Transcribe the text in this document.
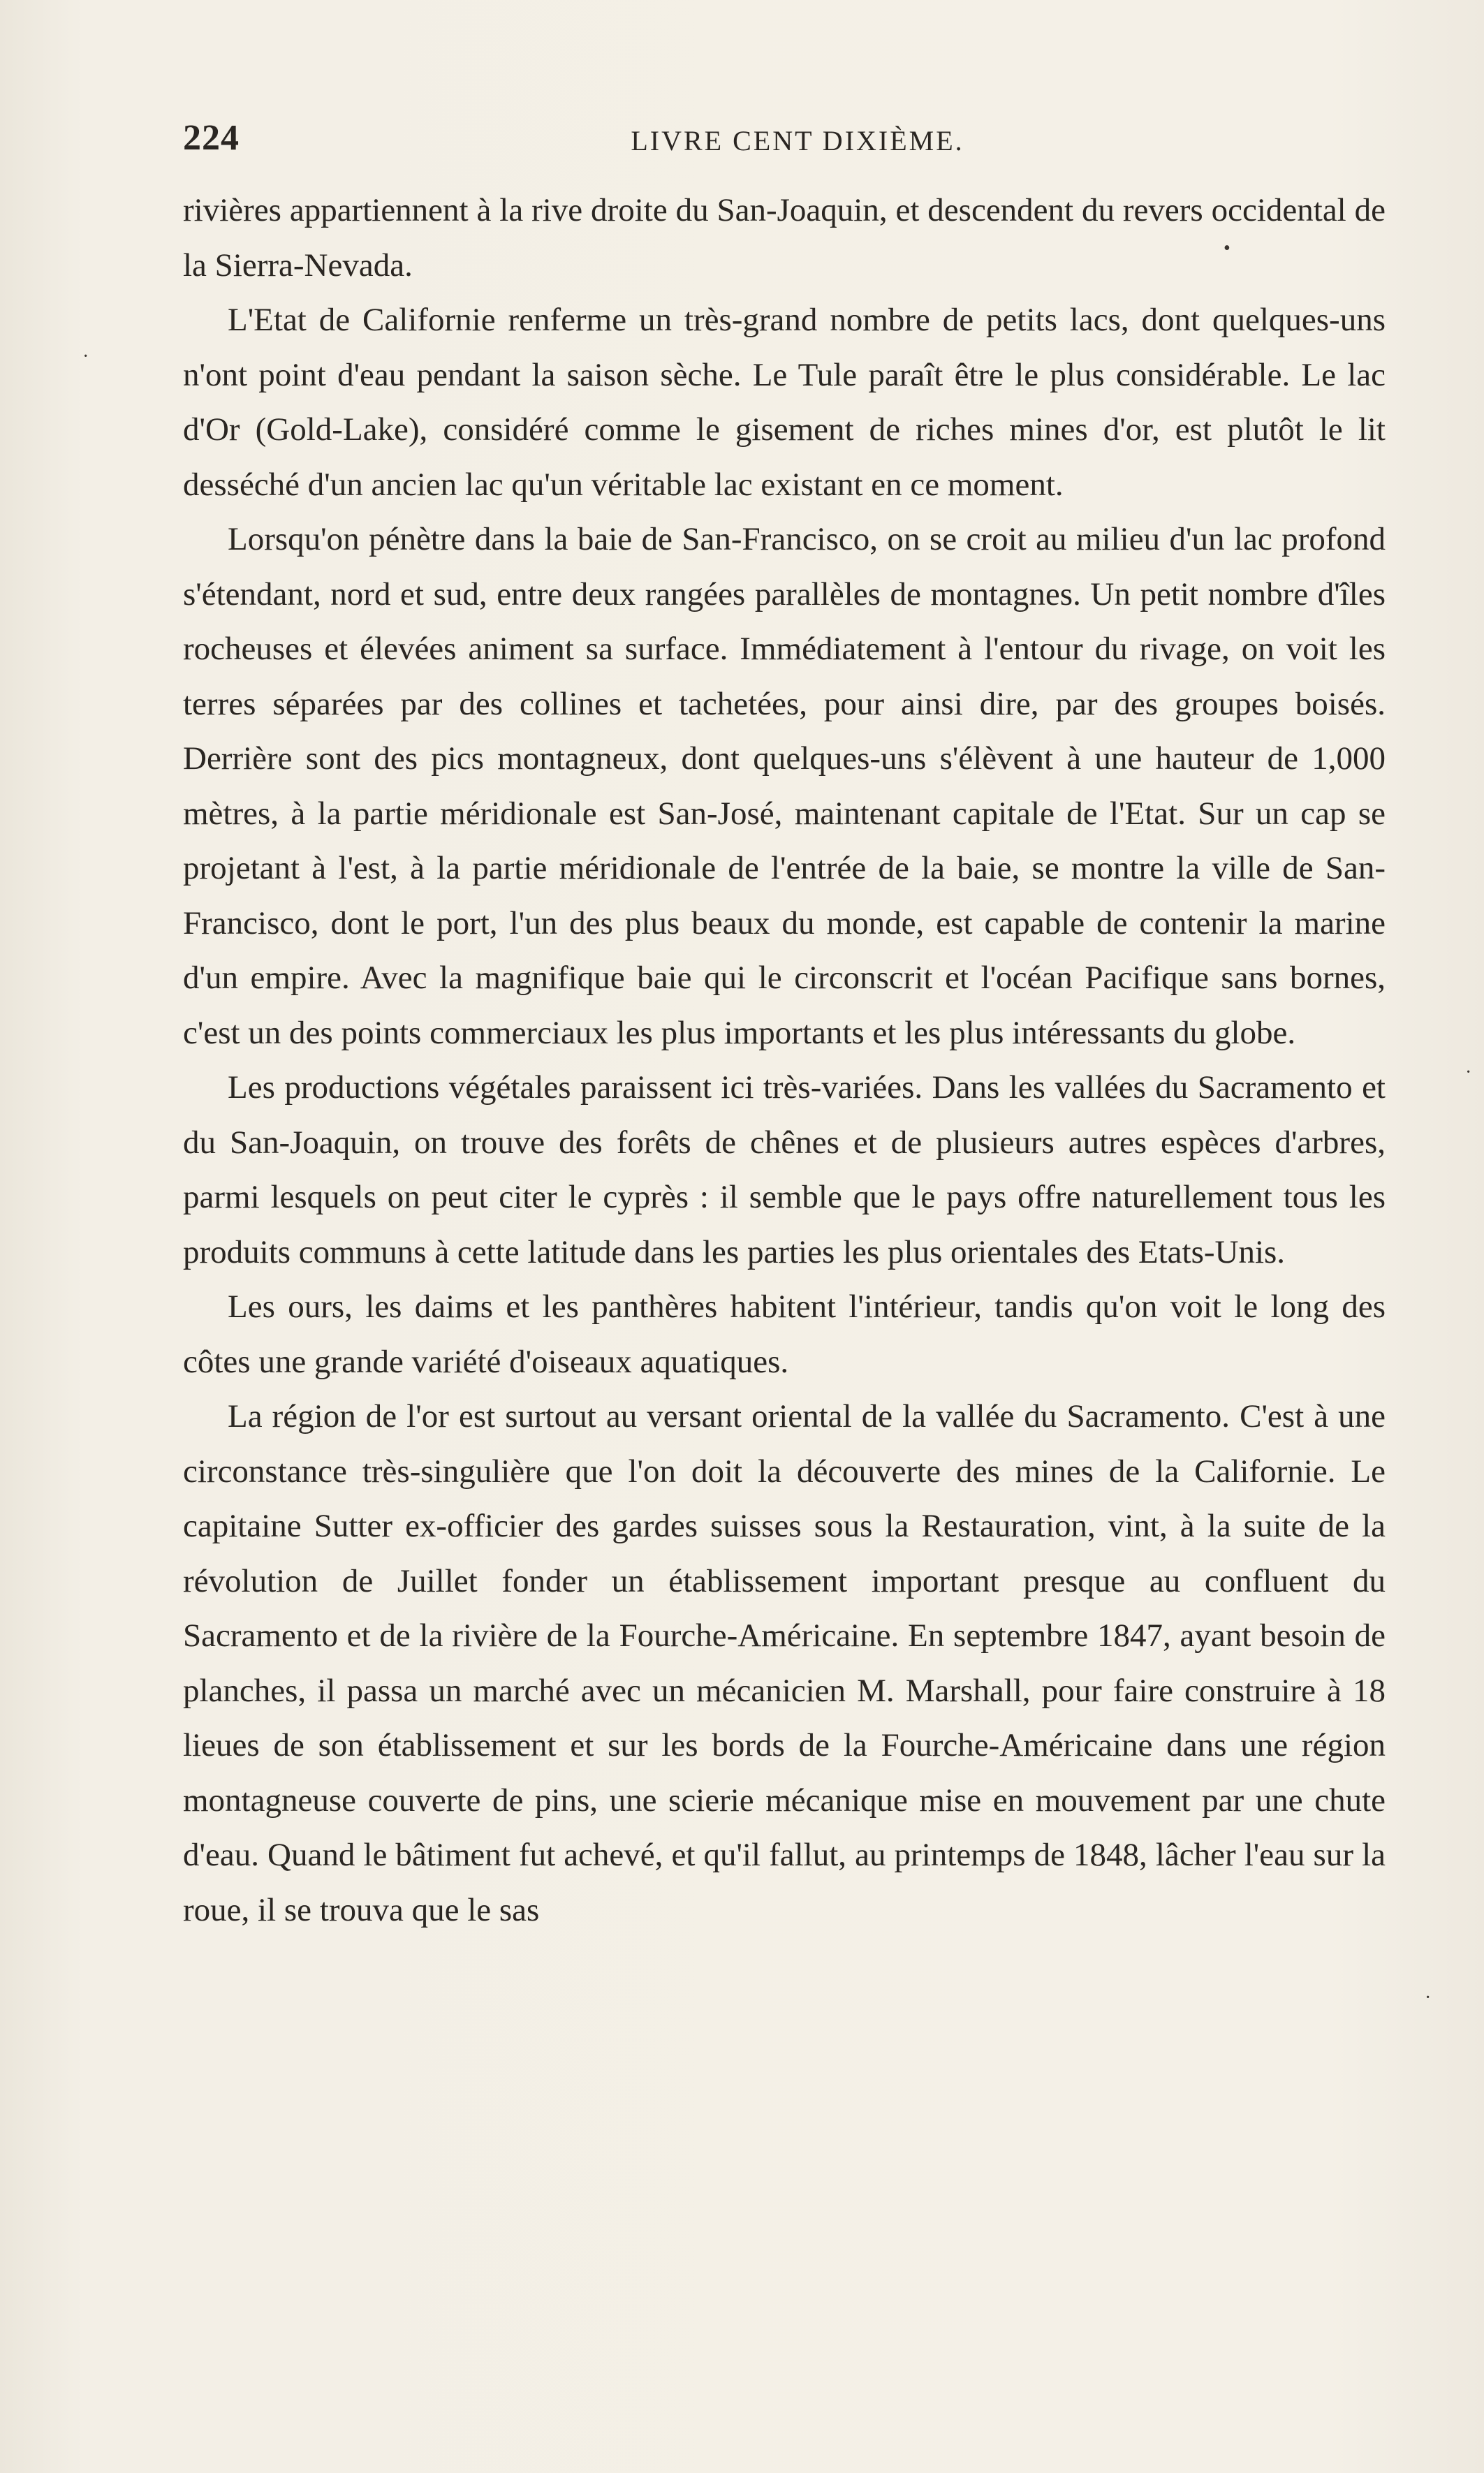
224	LIVRE CENT DIXIÈME.

rivières appartiennent à la rive droite du San-Joaquin, et descendent du revers occidental de la Sierra-Nevada.

L'Etat de Californie renferme un très-grand nombre de petits lacs, dont quelques-uns n'ont point d'eau pendant la saison sèche. Le Tule paraît être le plus considérable. Le lac d'Or (Gold-Lake), considéré comme le gisement de riches mines d'or, est plutôt le lit desséché d'un ancien lac qu'un véritable lac existant en ce moment.

Lorsqu'on pénètre dans la baie de San-Francisco, on se croit au milieu d'un lac profond s'étendant, nord et sud, entre deux rangées parallèles de montagnes. Un petit nombre d'îles rocheuses et élevées animent sa surface. Immédiatement à l'entour du rivage, on voit les terres séparées par des collines et tachetées, pour ainsi dire, par des groupes boisés. Derrière sont des pics montagneux, dont quelques-uns s'élèvent à une hauteur de 1,000 mètres, à la partie méridionale est San-José, maintenant capitale de l'Etat. Sur un cap se projetant à l'est, à la partie méridionale de l'entrée de la baie, se montre la ville de San-Francisco, dont le port, l'un des plus beaux du monde, est capable de contenir la marine d'un empire. Avec la magnifique baie qui le circonscrit et l'océan Pacifique sans bornes, c'est un des points commerciaux les plus importants et les plus intéressants du globe.

Les productions végétales paraissent ici très-variées. Dans les vallées du Sacramento et du San-Joaquin, on trouve des forêts de chênes et de plusieurs autres espèces d'arbres, parmi lesquels on peut citer le cyprès : il semble que le pays offre naturellement tous les produits communs à cette latitude dans les parties les plus orientales des Etats-Unis.

Les ours, les daims et les panthères habitent l'intérieur, tandis qu'on voit le long des côtes une grande variété d'oiseaux aquatiques.

La région de l'or est surtout au versant oriental de la vallée du Sacramento. C'est à une circonstance très-singulière que l'on doit la découverte des mines de la Californie. Le capitaine Sutter ex-officier des gardes suisses sous la Restauration, vint, à la suite de la révolution de Juillet fonder un établissement important presque au confluent du Sacramento et de la rivière de la Fourche-Américaine. En septembre 1847, ayant besoin de planches, il passa un marché avec un mécanicien M. Marshall, pour faire construire à 18 lieues de son établissement et sur les bords de la Fourche-Américaine dans une région montagneuse couverte de pins, une scierie mécanique mise en mouvement par une chute d'eau. Quand le bâtiment fut achevé, et qu'il fallut, au printemps de 1848, lâcher l'eau sur la roue, il se trouva que le sas

•
·
·
·
